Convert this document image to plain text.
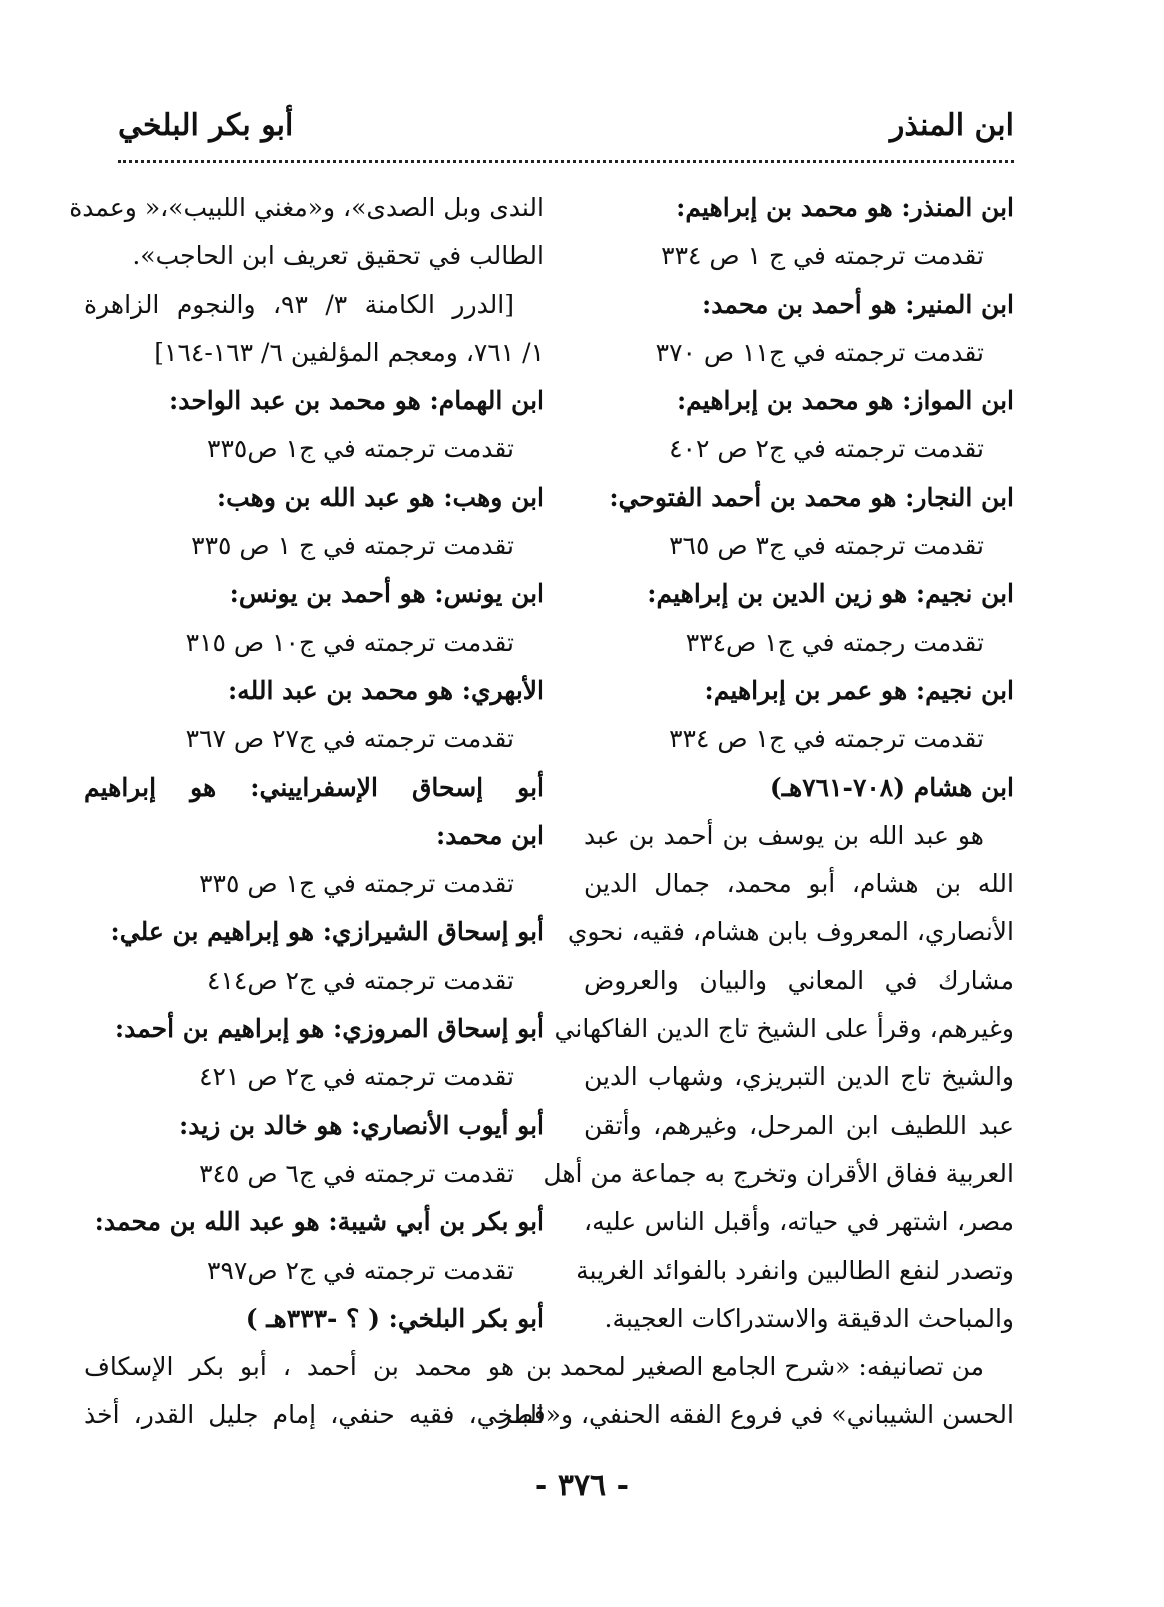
ابن المنذر
أبو بكر البلخي
ابن المنذر: هو محمد بن إبراهيم:
تقدمت ترجمته في ج ١ ص ٣٣٤
ابن المنير: هو أحمد بن محمد:
تقدمت ترجمته في ج١١ ص ٣٧٠
ابن المواز: هو محمد بن إبراهيم:
تقدمت ترجمته في ج٢ ص ٤٠٢
ابن النجار: هو محمد بن أحمد الفتوحي:
تقدمت ترجمته في ج٣ ص ٣٦٥
ابن نجيم: هو زين الدين بن إبراهيم:
تقدمت رجمته في ج١ ص٣٣٤
ابن نجيم: هو عمر بن إبراهيم:
تقدمت ترجمته في ج١ ص ٣٣٤
ابن هشام (٧٠٨-٧٦١هـ)
هو عبد الله بن يوسف بن أحمد بن عبد
الله بن هشام، أبو محمد، جمال الدين
الأنصاري، المعروف بابن هشام، فقيه، نحوي
مشارك في المعاني والبيان والعروض
وغيرهم، وقرأ على الشيخ تاج الدين الفاكهاني
والشيخ تاج الدين التبريزي، وشهاب الدين
عبد اللطيف ابن المرحل، وغيرهم، وأتقن
العربية ففاق الأقران وتخرج به جماعة من أهل
مصر، اشتهر في حياته، وأقبل الناس عليه،
وتصدر لنفع الطالبين وانفرد بالفوائد الغريبة
والمباحث الدقيقة والاستدراكات العجيبة.
من تصانيفه: «شرح الجامع الصغير لمحمد بن
الحسن الشيباني» في فروع الفقه الحنفي، و«قطر
الندى وبل الصدى»، و«مغني اللبيب»،« وعمدة
الطالب في تحقيق تعريف ابن الحاجب».
[الدرر الكامنة ٣/ ٩٣، والنجوم الزاهرة
١/ ٧٦١، ومعجم المؤلفين ٦/ ١٦٣-١٦٤]
ابن الهمام: هو محمد بن عبد الواحد:
تقدمت ترجمته في ج١ ص٣٣٥
ابن وهب: هو عبد الله بن وهب:
تقدمت ترجمته في ج ١ ص ٣٣٥
ابن يونس: هو أحمد بن يونس:
تقدمت ترجمته في ج١٠ ص ٣١٥
الأبهري: هو محمد بن عبد الله:
تقدمت ترجمته في ج٢٧ ص ٣٦٧
أبو إسحاق الإسفراييني: هو إبراهيم
ابن محمد:
تقدمت ترجمته في ج١ ص ٣٣٥
أبو إسحاق الشيرازي: هو إبراهيم بن علي:
تقدمت ترجمته في ج٢ ص٤١٤
أبو إسحاق المروزي: هو إبراهيم بن أحمد:
تقدمت ترجمته في ج٢ ص ٤٢١
أبو أيوب الأنصاري: هو خالد بن زيد:
تقدمت ترجمته في ج٦ ص ٣٤٥
أبو بكر بن أبي شيبة: هو عبد الله بن محمد:
تقدمت ترجمته في ج٢ ص٣٩٧
أبو بكر البلخي: ( ؟ -٣٣٣هـ )
هو محمد بن أحمد ، أبو بكر الإسكاف
البلخي، فقيه حنفي، إمام جليل القدر، أخذ
- ٣٧٦ -
